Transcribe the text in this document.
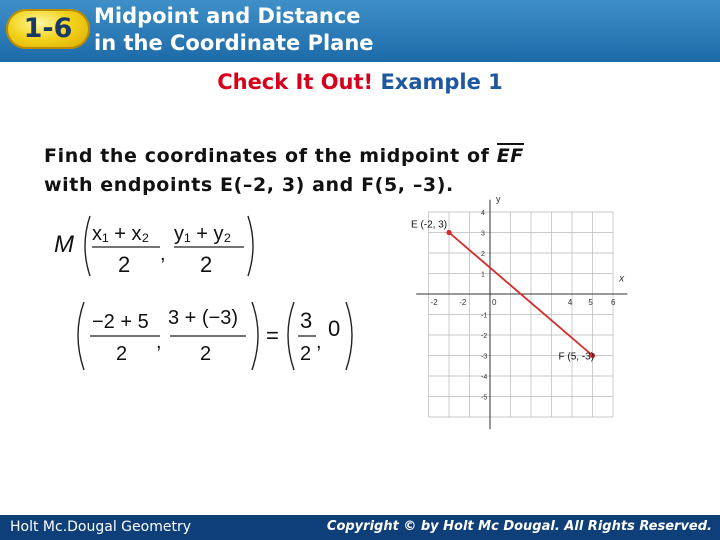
1-6	Midpoint and Distance
in the Coordinate Plane
Check It Out! Example 1
Find the coordinates of the midpoint of EF
with endpoints E(–2, 3) and F(5, –3).
M x₁ + x₂
2 ,
y₁ + y₂
2
−2 + 5
2
,
3 + (−3)
2
=
3
2
,
0
y
x
-2	-2	0	4 5 6
4
3
2
1
-1
-2
-3
-4
-5
E (-2, 3)
F (5, -3)
Holt Mc.Dougal Geometry	Copyright © by Holt Mc Dougal. All Rights Reserved.
